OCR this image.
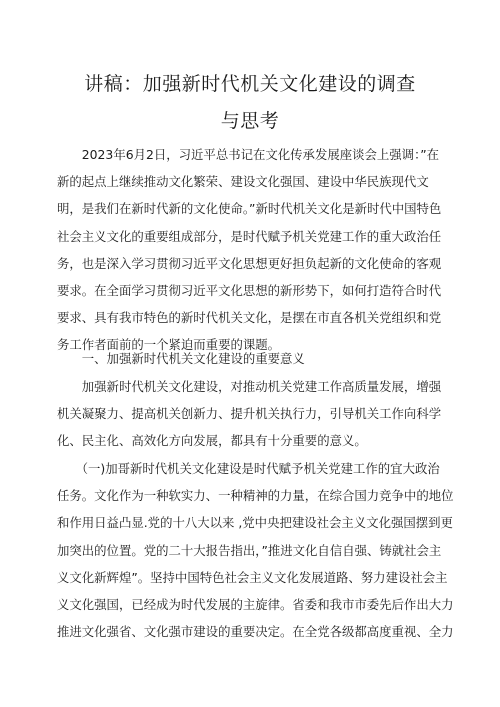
讲稿：加强新时代机关文化建设的调查
与思考
　　2023年6月2日，习近平总书记在文化传承发展座谈会上强调：”在
新的起点上继续推动文化繁荣、建设文化强国、建设中华民族现代文
明，是我们在新时代新的文化使命。”新时代机关文化是新时代中国特色
社会主义文化的重要组成部分，是时代赋予机关党建工作的重大政治任
务，也是深入学习贯彻习近平文化思想更好担负起新的文化使命的客观
要求。在全面学习贯彻习近平文化思想的新形势下，如何打造符合时代
要求、具有我市特色的新时代机关文化，是摆在市直各机关党组织和党
务工作者面前的一个紧迫而重要的课题。
　　一、加强新时代机关文化建设的重要意义
　　加强新时代机关文化建设，对推动机关党建工作高质量发展，增强
机关凝聚力、提高机关创新力、提升机关执行力，引导机关工作向科学
化、民主化、高效化方向发展，都具有十分重要的意义。
　　（一)加哥新时代机关文化建设是时代赋予机关党建工作的宜大政治
任务。文化作为一种软实力、一种精神的力量，在综合国力竞争中的地位
和作用日益凸显.党的十八大以来 ,党中央把建设社会主义文化强国摆到更
加突出的位置。党的二十大报告指出，”推进文化自信自强、铸就社会主
义文化新辉煌”。坚持中国特色社会主义文化发展道路、努力建设社会主
义文化强国，已经成为时代发展的主旋律。省委和我市市委先后作出大力
推进文化强省、文化强市建设的重要决定。在全党各级都高度重视、全力
